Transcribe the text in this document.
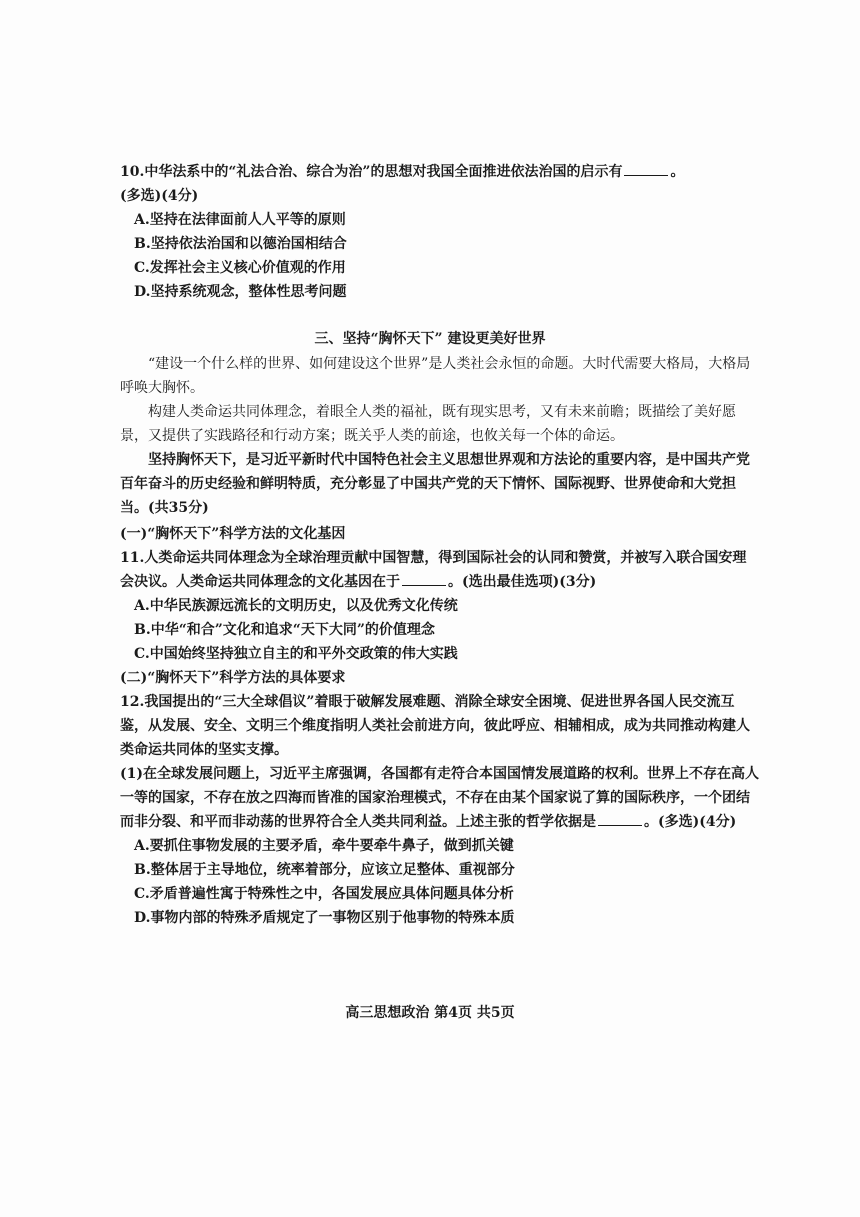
10.中华法系中的“礼法合治、综合为治”的思想对我国全面推进依法治国的启示有	。

(多选)(4分)

A.坚持在法律面前人人平等的原则

B.坚持依法治国和以德治国相结合

C.发挥社会主义核心价值观的作用

D.坚持系统观念，整体性思考问题

三、坚持“胸怀天下” 建设更美好世界

“建设一个什么样的世界、如何建设这个世界”是人类社会永恒的命题。大时代需要大格局，大格局呼唤大胸怀。

构建人类命运共同体理念，着眼全人类的福祉，既有现实思考，又有未来前瞻；既描绘了美好愿景，又提供了实践路径和行动方案；既关乎人类的前途，也攸关每一个体的命运。

坚持胸怀天下，是习近平新时代中国特色社会主义思想世界观和方法论的重要内容，是中国共产党百年奋斗的历史经验和鲜明特质，充分彰显了中国共产党的天下情怀、国际视野、世界使命和大党担当。(共35分)

(一)“胸怀天下”科学方法的文化基因

11.人类命运共同体理念为全球治理贡献中国智慧，得到国际社会的认同和赞赏，并被写入联合国安理会决议。人类命运共同体理念的文化基因在于	。(选出最佳选项)(3分)

A.中华民族源远流长的文明历史，以及优秀文化传统

B.中华“和合”文化和追求“天下大同”的价值理念

C.中国始终坚持独立自主的和平外交政策的伟大实践

(二)“胸怀天下”科学方法的具体要求

12.我国提出的“三大全球倡议”着眼于破解发展难题、消除全球安全困境、促进世界各国人民交流互鉴，从发展、安全、文明三个维度指明人类社会前进方向，彼此呼应、相辅相成，成为共同推动构建人类命运共同体的坚实支撑。

(1)在全球发展问题上，习近平主席强调，各国都有走符合本国国情发展道路的权利。世界上不存在高人一等的国家，不存在放之四海而皆准的国家治理模式，不存在由某个国家说了算的国际秩序，一个团结而非分裂、和平而非动荡的世界符合全人类共同利益。上述主张的哲学依据是	。(多选)(4分)

A.要抓住事物发展的主要矛盾，牵牛要牵牛鼻子，做到抓关键

B.整体居于主导地位，统率着部分，应该立足整体、重视部分

C.矛盾普遍性寓于特殊性之中，各国发展应具体问题具体分析

D.事物内部的特殊矛盾规定了一事物区别于他事物的特殊本质

高三思想政治 第4页 共5页
